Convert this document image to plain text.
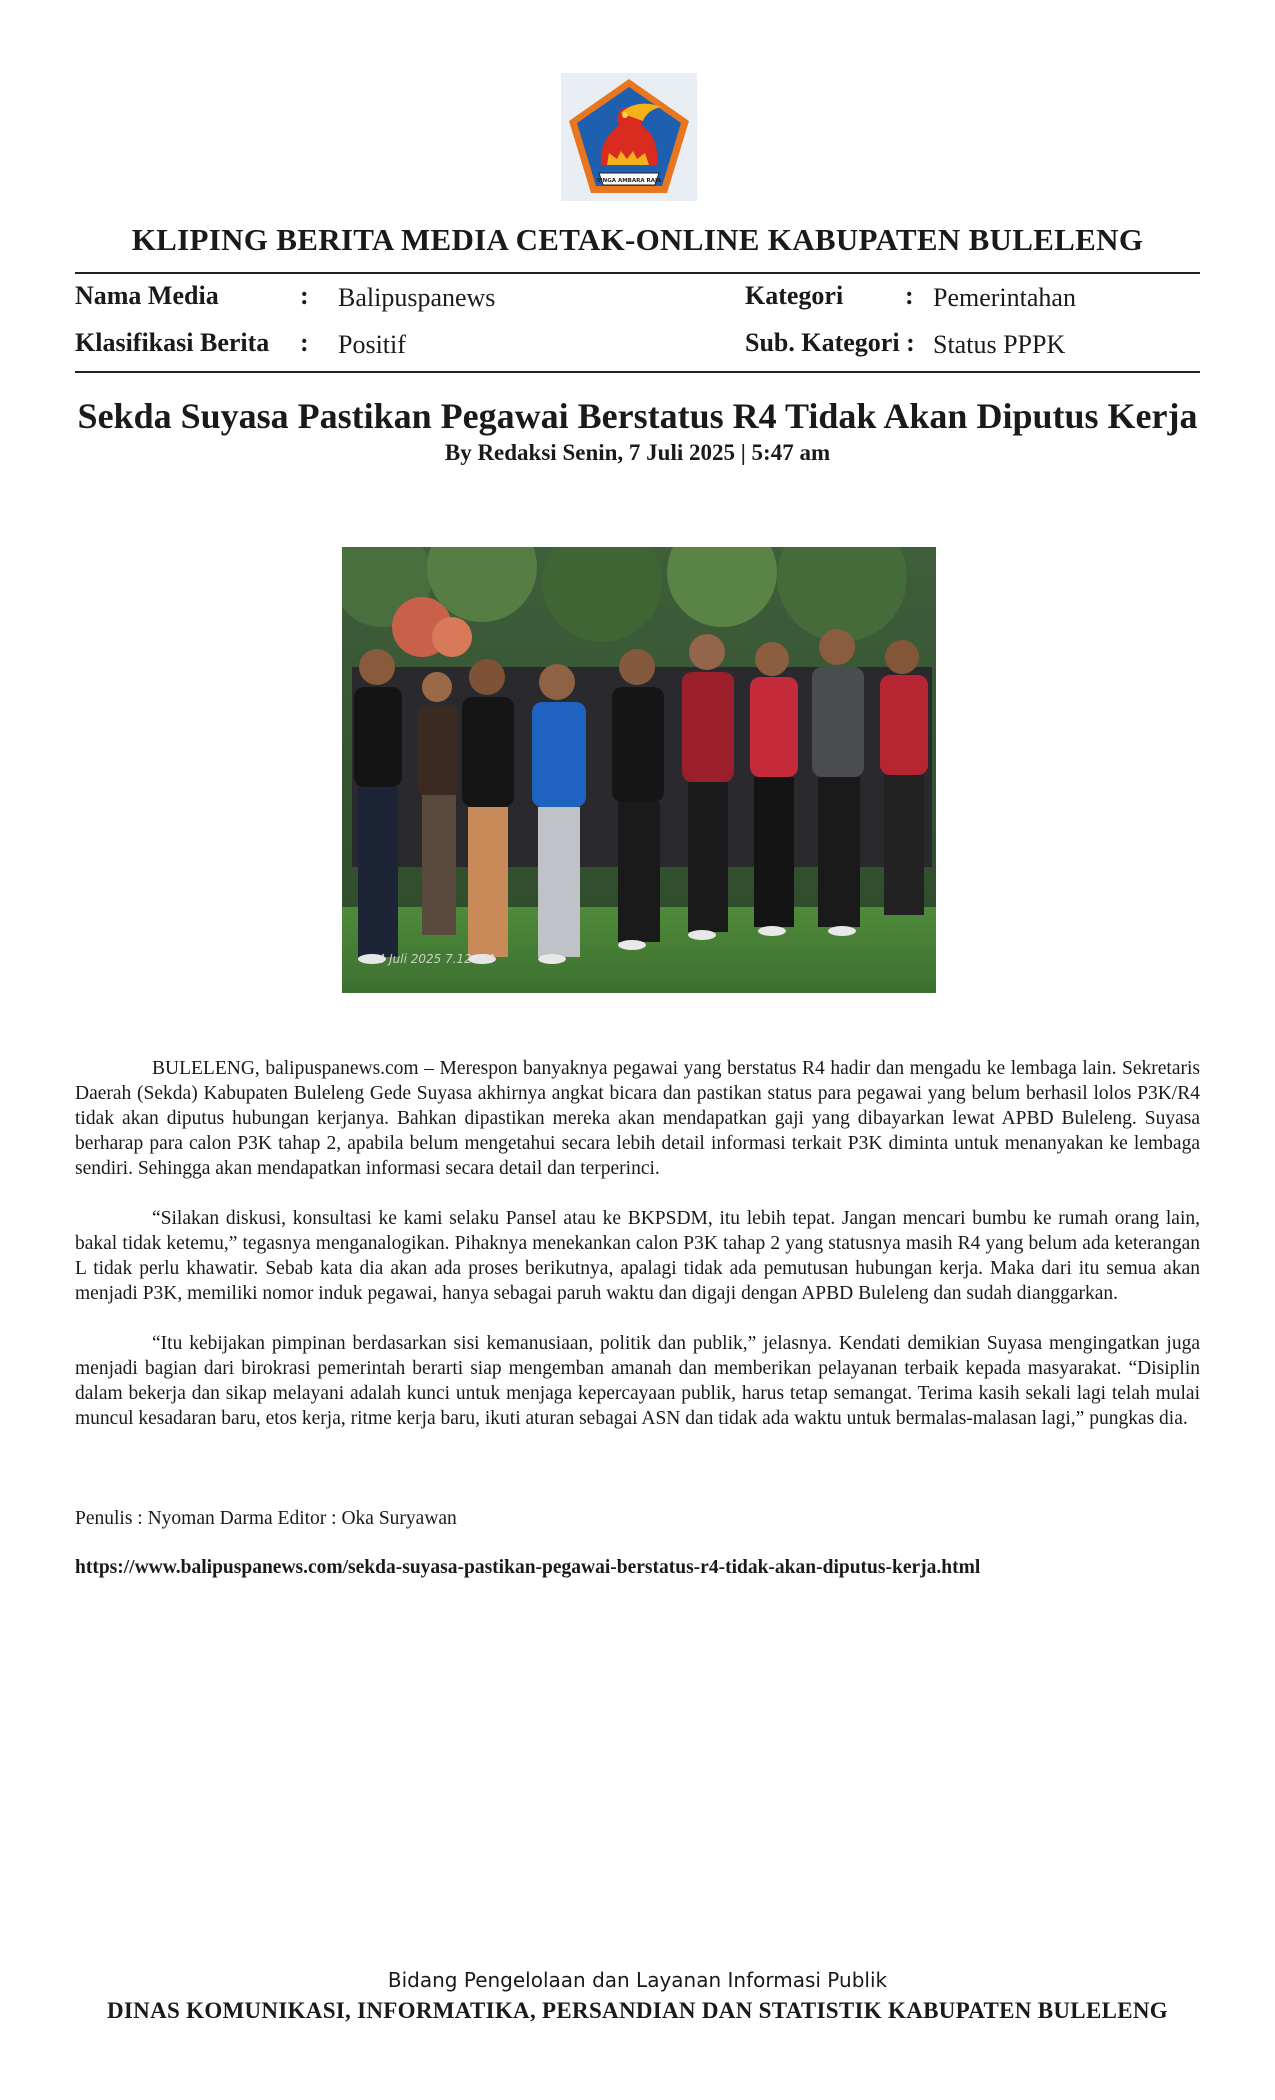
SINGA AMBARA RAJA
KLIPING BERITA MEDIA CETAK-ONLINE KABUPATEN BULELENG
Nama Media	: Balipuspanews	Kategori : Pemerintahan
Klasifikasi Berita : Positif	Sub. Kategori : Status PPPK
Sekda Suyasa Pastikan Pegawai Berstatus R4 Tidak Akan Diputus Kerja
By Redaksi Senin, 7 Juli 2025 | 5:47 am
04 Juli 2025 7.12 AM

BULELENG, balipuspanews.com – Merespon banyaknya pegawai yang berstatus R4 hadir dan mengadu ke lembaga lain. Sekretaris Daerah (Sekda) Kabupaten Buleleng Gede Suyasa akhirnya angkat bicara dan pastikan status para pegawai yang belum berhasil lolos P3K/R4 tidak akan diputus hubungan kerjanya. Bahkan dipastikan mereka akan mendapatkan gaji yang dibayarkan lewat APBD Buleleng. Suyasa berharap para calon P3K tahap 2, apabila belum mengetahui secara lebih detail informasi terkait P3K diminta untuk menanyakan ke lembaga sendiri. Sehingga akan mendapatkan informasi secara detail dan terperinci.

“Silakan diskusi, konsultasi ke kami selaku Pansel atau ke BKPSDM, itu lebih tepat. Jangan mencari bumbu ke rumah orang lain, bakal tidak ketemu,” tegasnya menganalogikan. Pihaknya menekankan calon P3K tahap 2 yang statusnya masih R4 yang belum ada keterangan L tidak perlu khawatir. Sebab kata dia akan ada proses berikutnya, apalagi tidak ada pemutusan hubungan kerja. Maka dari itu semua akan menjadi P3K, memiliki nomor induk pegawai, hanya sebagai paruh waktu dan digaji dengan APBD Buleleng dan sudah dianggarkan.

“Itu kebijakan pimpinan berdasarkan sisi kemanusiaan, politik dan publik,” jelasnya. Kendati demikian Suyasa mengingatkan juga menjadi bagian dari birokrasi pemerintah berarti siap mengemban amanah dan memberikan pelayanan terbaik kepada masyarakat. “Disiplin dalam bekerja dan sikap melayani adalah kunci untuk menjaga kepercayaan publik, harus tetap semangat. Terima kasih sekali lagi telah mulai muncul kesadaran baru, etos kerja, ritme kerja baru, ikuti aturan sebagai ASN dan tidak ada waktu untuk bermalas-malasan lagi,” pungkas dia.

Penulis : Nyoman Darma Editor : Oka Suryawan
https://www.balipuspanews.com/sekda-suyasa-pastikan-pegawai-berstatus-r4-tidak-akan-diputus-kerja.html
Bidang Pengelolaan dan Layanan Informasi Publik
DINAS KOMUNIKASI, INFORMATIKA, PERSANDIAN DAN STATISTIK KABUPATEN BULELENG
